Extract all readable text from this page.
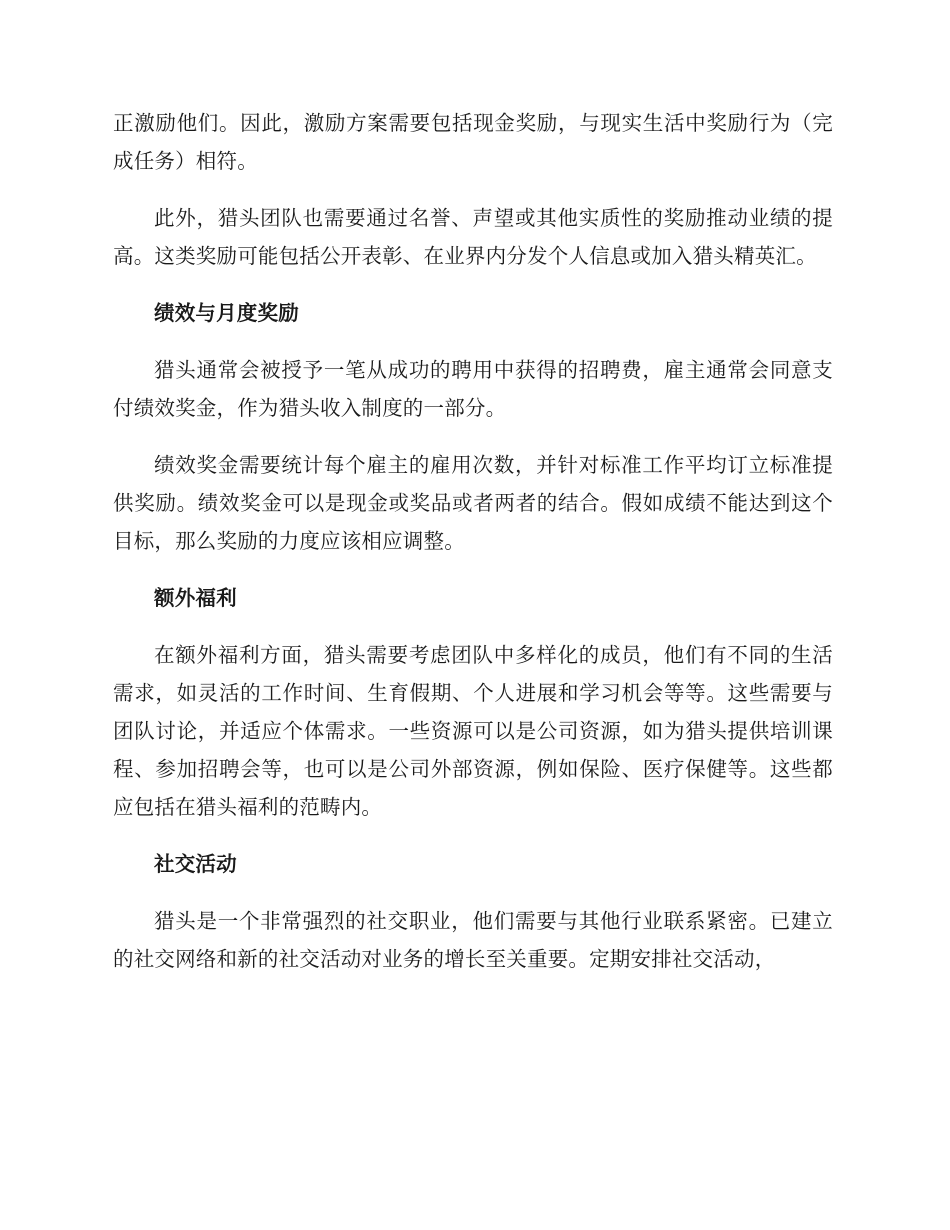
正激励他们。因此，激励方案需要包括现金奖励，与现实生活中奖励行为（完成任务）相符。

此外，猎头团队也需要通过名誉、声望或其他实质性的奖励推动业绩的提高。这类奖励可能包括公开表彰、在业界内分发个人信息或加入猎头精英汇。

绩效与月度奖励

猎头通常会被授予一笔从成功的聘用中获得的招聘费，雇主通常会同意支付绩效奖金，作为猎头收入制度的一部分。

绩效奖金需要统计每个雇主的雇用次数，并针对标准工作平均订立标准提供奖励。绩效奖金可以是现金或奖品或者两者的结合。假如成绩不能达到这个目标，那么奖励的力度应该相应调整。

额外福利

在额外福利方面，猎头需要考虑团队中多样化的成员，他们有不同的生活需求，如灵活的工作时间、生育假期、个人进展和学习机会等等。这些需要与团队讨论，并适应个体需求。一些资源可以是公司资源，如为猎头提供培训课程、参加招聘会等，也可以是公司外部资源，例如保险、医疗保健等。这些都应包括在猎头福利的范畴内。

社交活动

猎头是一个非常强烈的社交职业，他们需要与其他行业联系紧密。已建立的社交网络和新的社交活动对业务的增长至关重要。定期安排社交活动，
